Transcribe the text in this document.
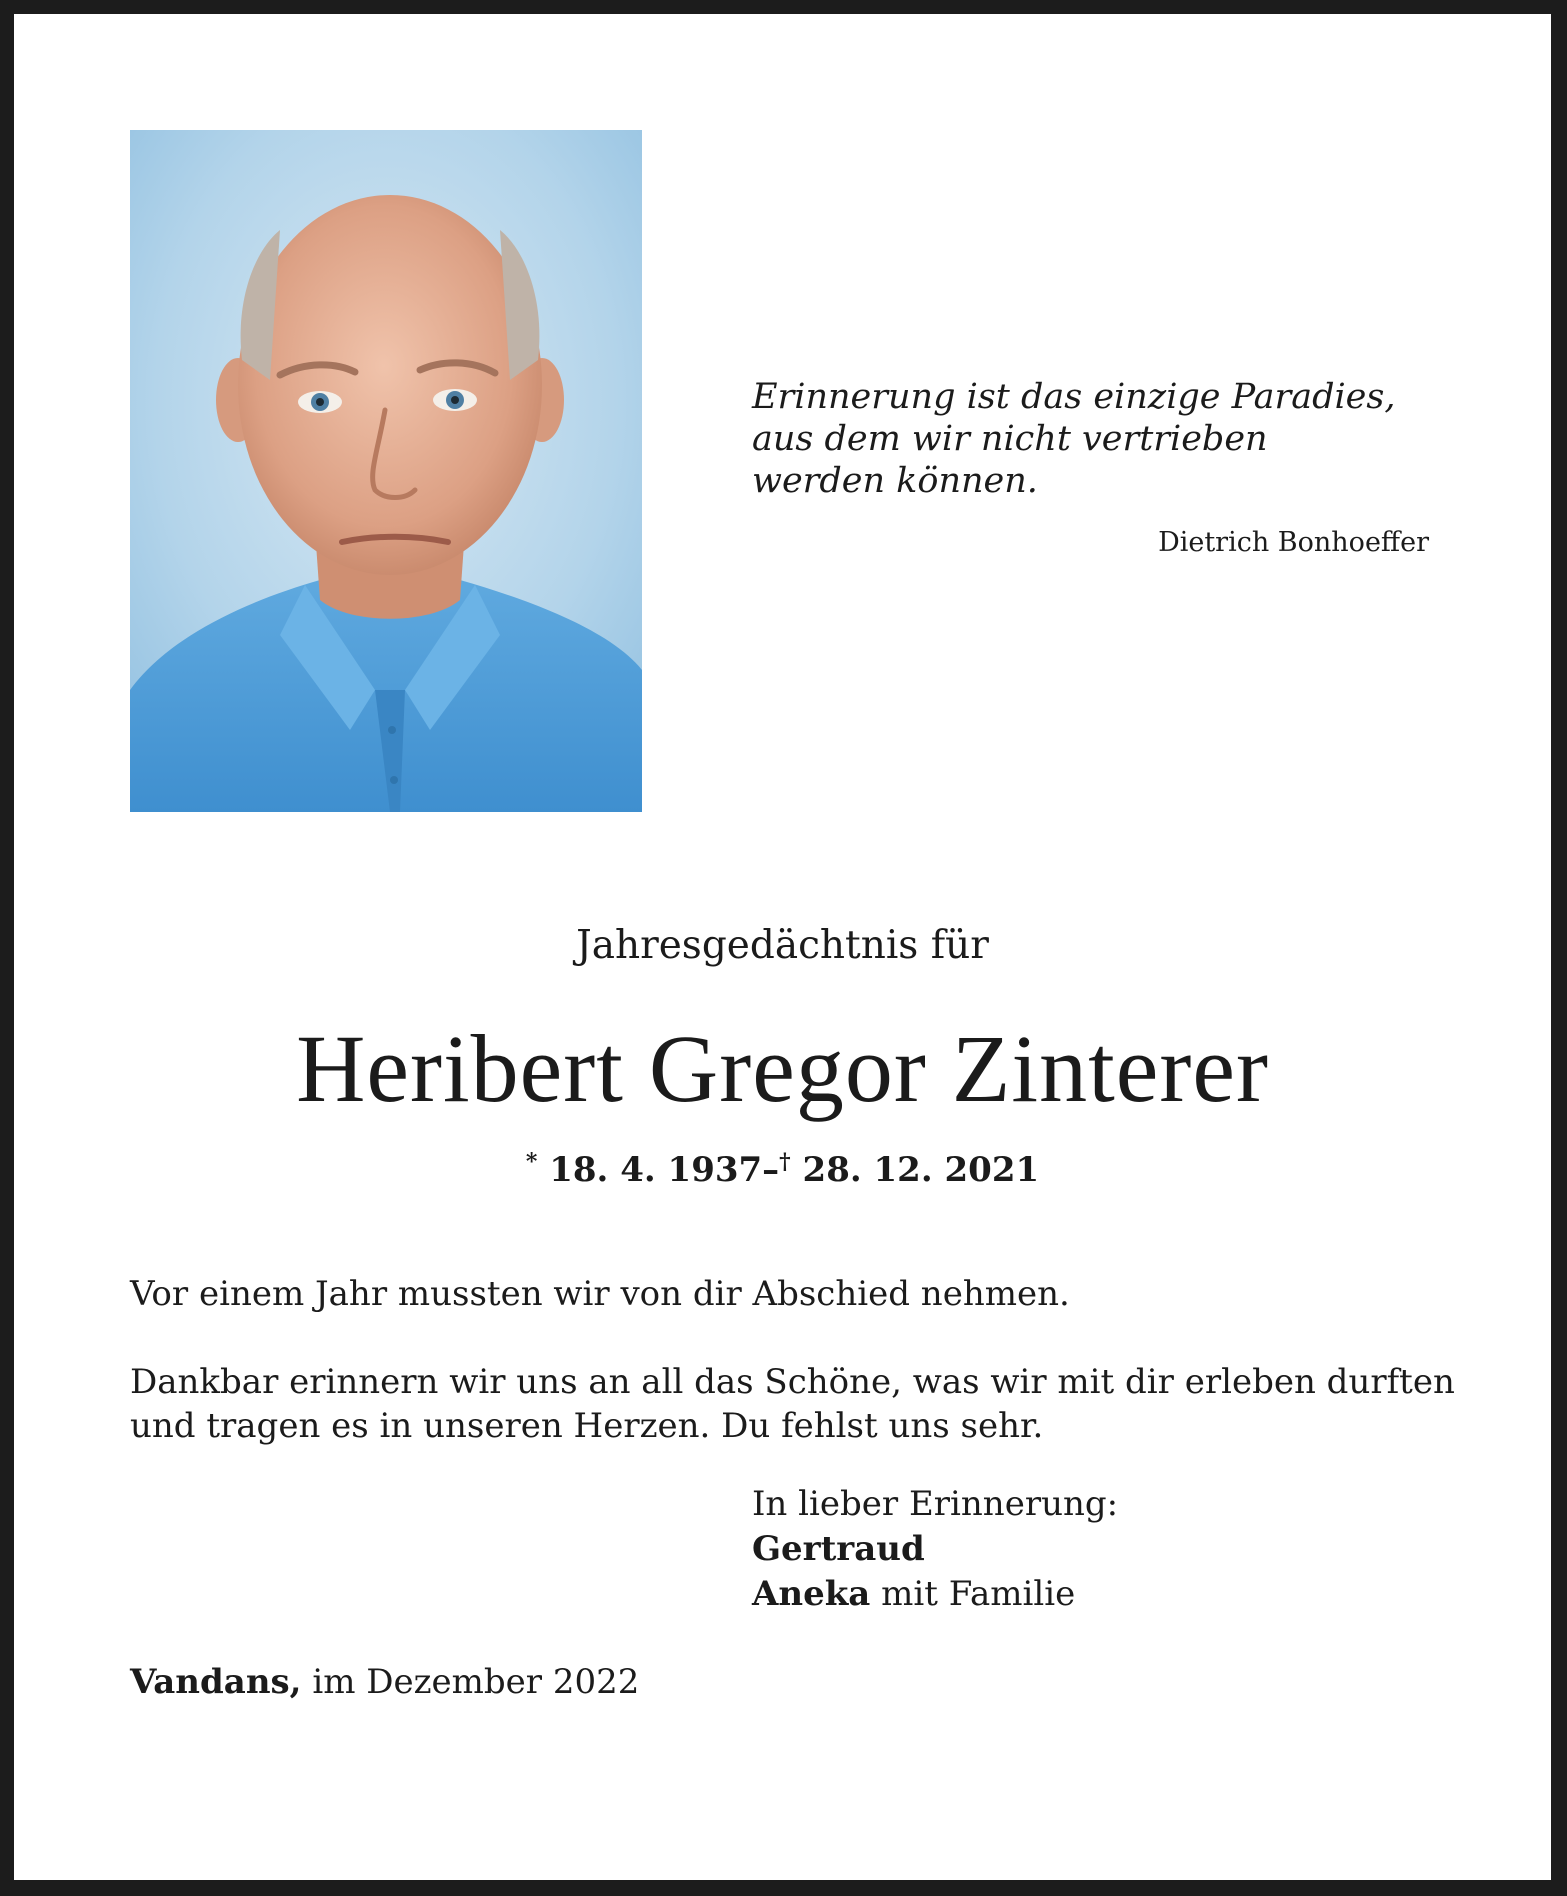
Erinnerung ist das einzige Paradies,
aus dem wir nicht vertrieben
werden können.
Dietrich Bonhoeffer
Jahresgedächtnis für
Heribert Gregor Zinterer
* 18. 4. 1937–† 28. 12. 2021
Vor einem Jahr mussten wir von dir Abschied nehmen.
Dankbar erinnern wir uns an all das Schöne, was wir mit dir erleben durften
und tragen es in unseren Herzen. Du fehlst uns sehr.
In lieber Erinnerung:
Gertraud
Aneka mit Familie
Vandans, im Dezember 2022
